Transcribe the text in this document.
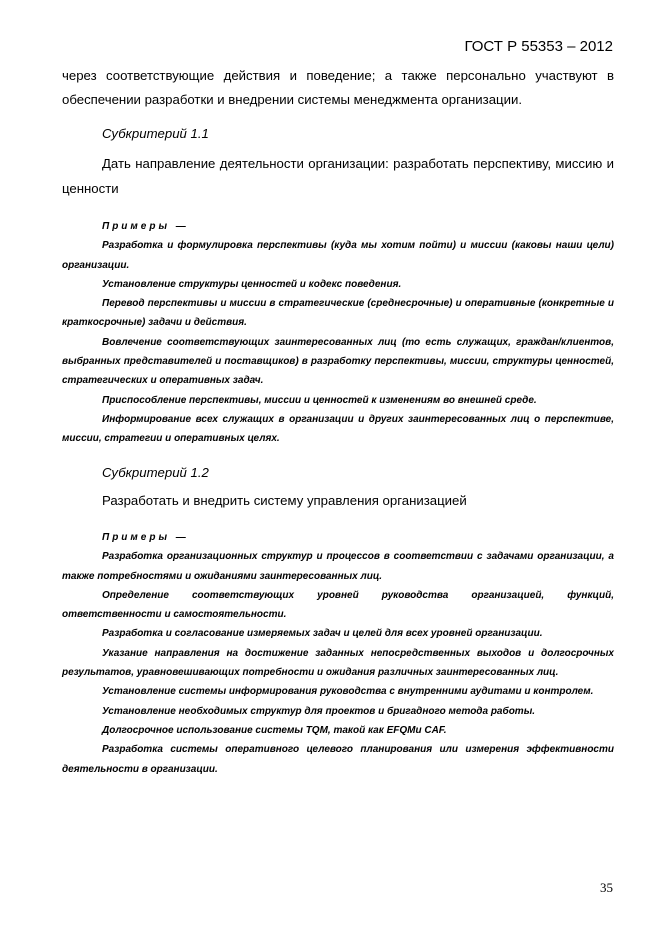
ГОСТ Р 55353 – 2012
через соответствующие действия и поведение; а также персонально участвуют в обеспечении разработки и внедрении системы менеджмента организации.
Субкритерий 1.1
Дать направление деятельности организации: разработать перспективу, миссию и ценности

Примеры —

Разработка и формулировка перспективы (куда мы хотим пойти) и миссии (каковы наши цели) организации.

Установление структуры ценностей и кодекс поведения.

Перевод перспективы и миссии в стратегические (среднесрочные) и оперативные (конкретные и краткосрочные) задачи и действия.

Вовлечение соответствующих заинтересованных лиц (то есть служащих, граждан/клиентов, выбранных представителей и поставщиков) в разработку перспективы, миссии, структуры ценностей, стратегических и оперативных задач.

Приспособление перспективы, миссии и ценностей к изменениям во внешней среде.

Информирование всех служащих в организации и других заинтересованных лиц о перспективе, миссии, стратегии и оперативных целях.

Субкритерий 1.2
Разработать и внедрить систему управления организацией

Примеры —

Разработка организационных структур и процессов в соответствии с задачами организации, а также потребностями и ожиданиями заинтересованных лиц.

Определение соответствующих уровней руководства организацией, функций, ответственности и самостоятельности.

Разработка и согласование измеряемых задач и целей для всех уровней организации.

Указание направления на достижение заданных непосредственных выходов и долгосрочных результатов, уравновешивающих потребности и ожидания различных заинтересованных лиц.

Установление системы информирования руководства с внутренними аудитами и контролем.

Установление необходимых структур для проектов и бригадного метода работы.

Долгосрочное использование системы TQM, такой как EFQMи CAF.

Разработка системы оперативного целевого планирования или измерения эффективности деятельности в организации.

35
